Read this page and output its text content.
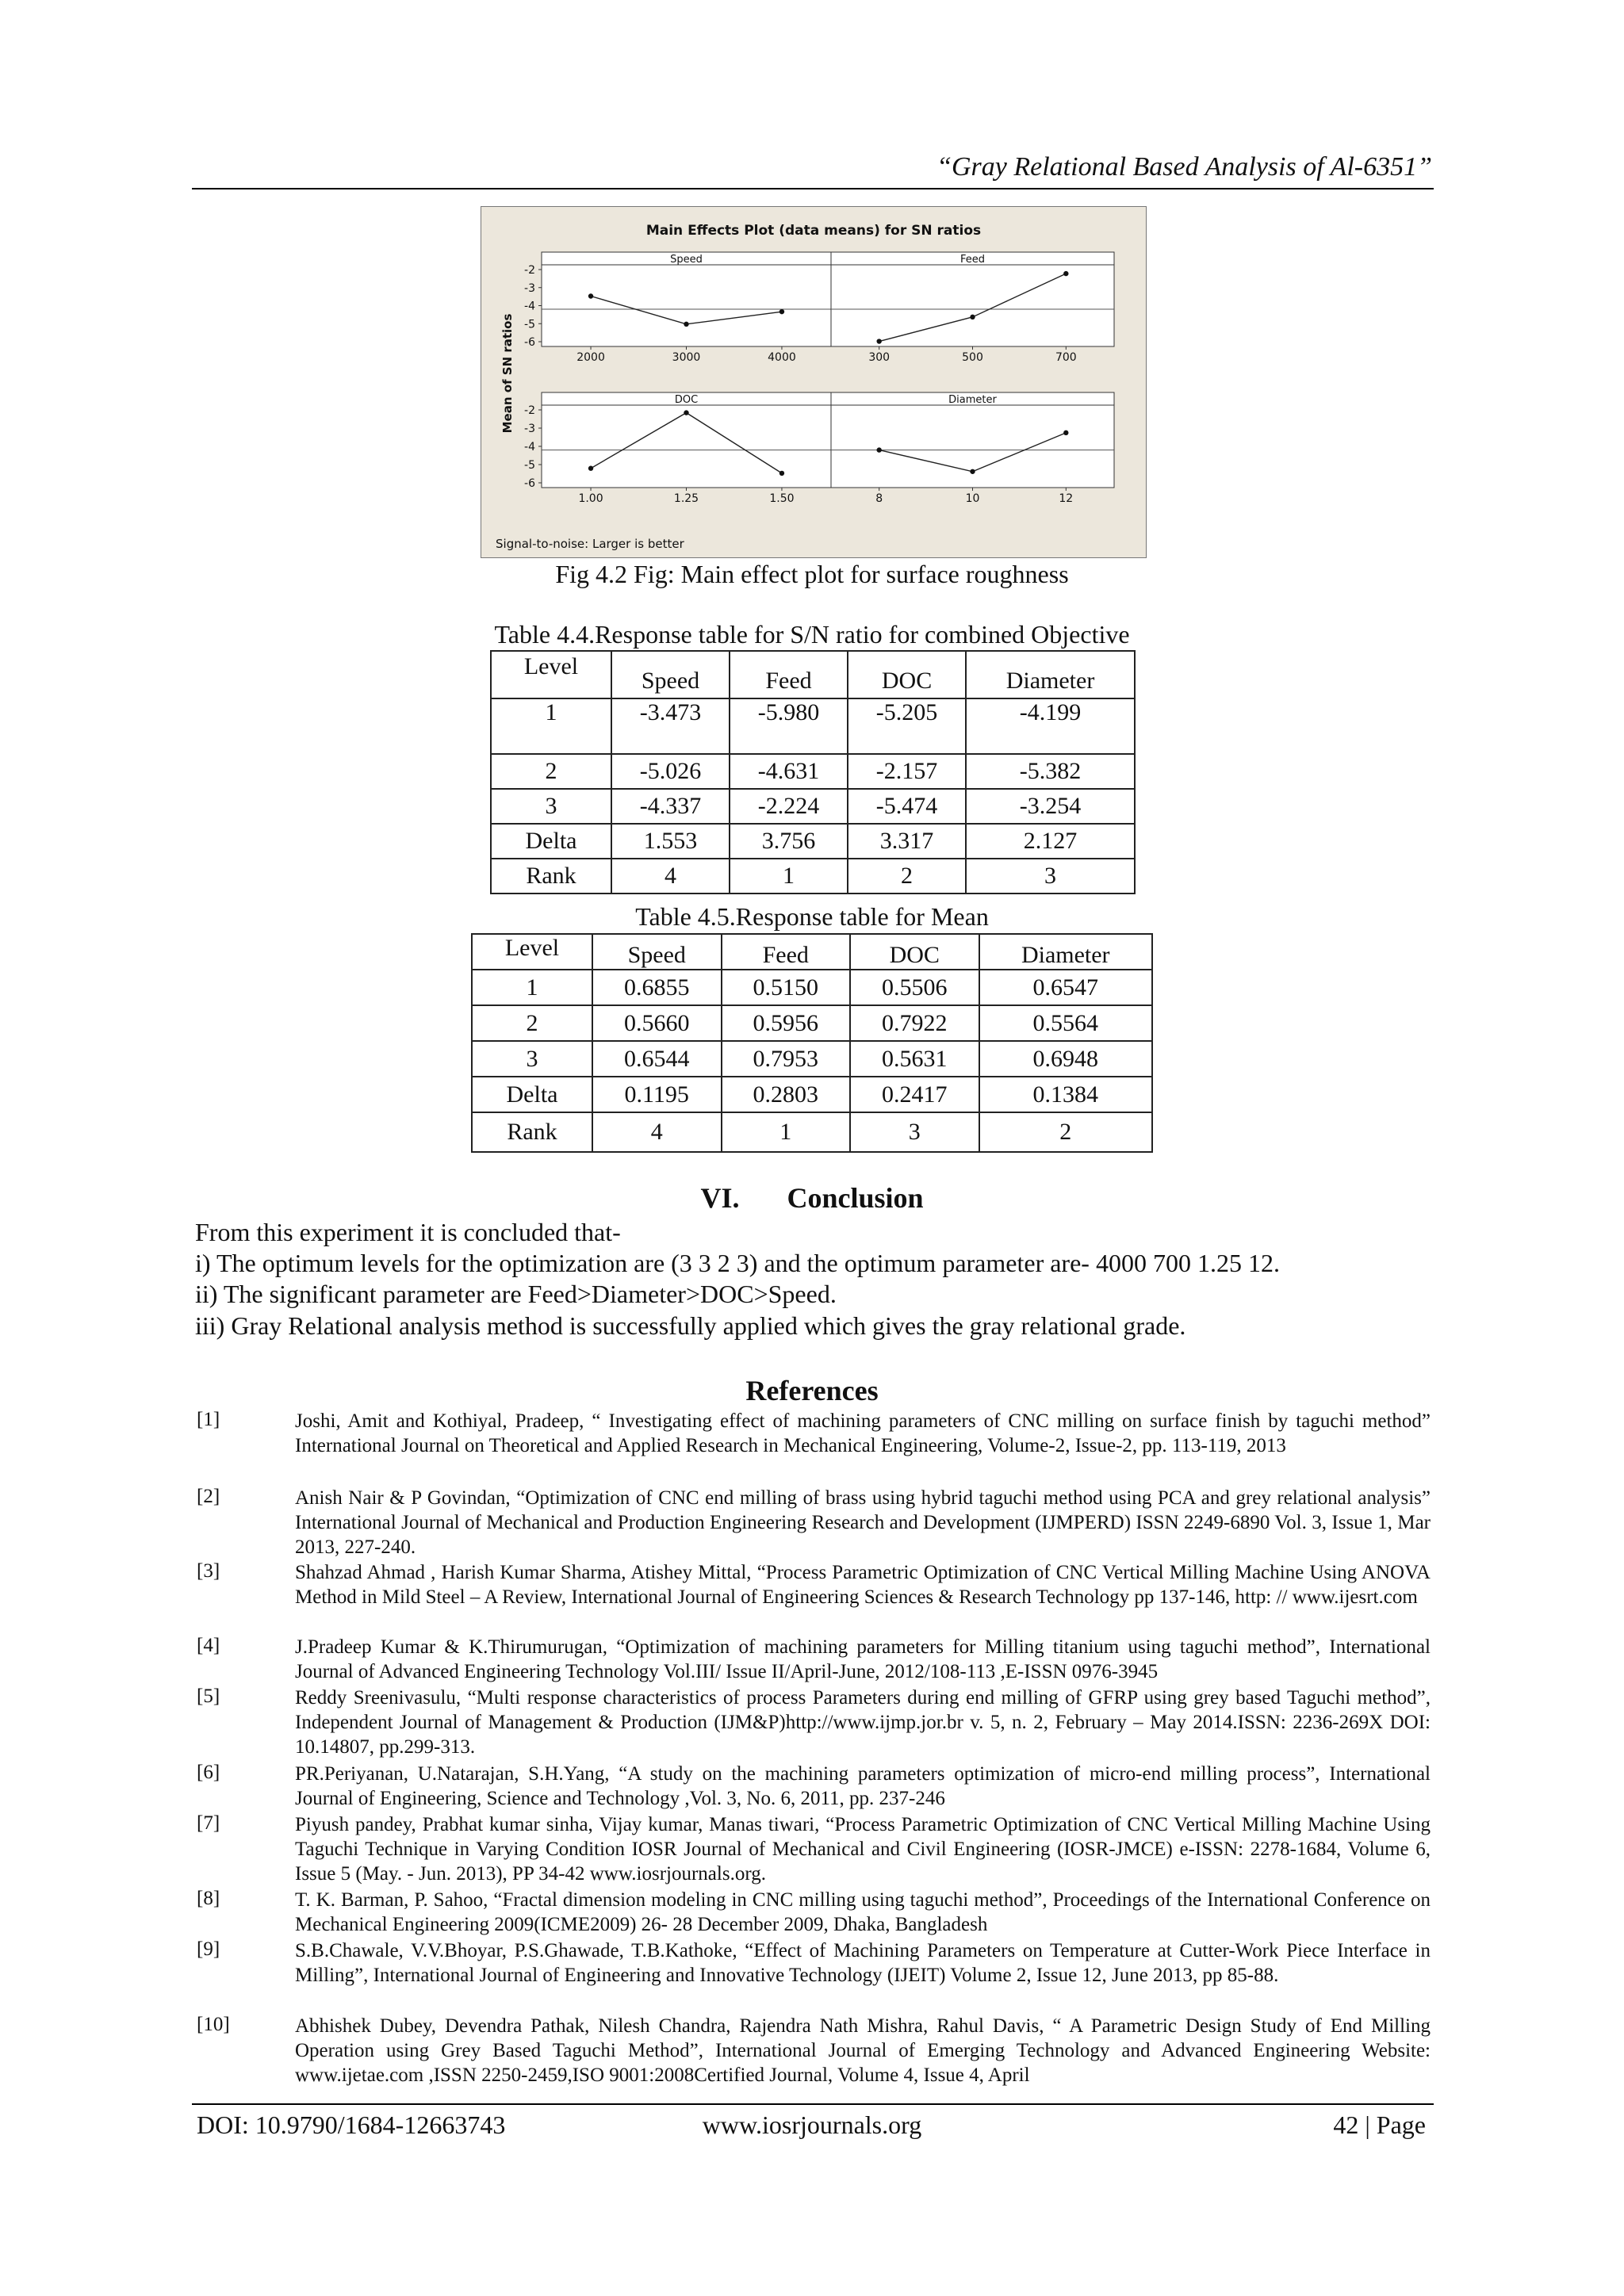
“Gray Relational Based Analysis of Al-6351”
Main Effects Plot (data means) for SN ratios
Mean of SN ratios
Signal-to-noise: Larger is better
Speed
2000	3000	4000
-2
-3
-4
-5
-6
Feed
300	500	700
DOC
1.00	1.25	1.50
-2
-3
-4
-5
-6
Diameter
8	10	12
Fig 4.2 Fig: Main effect plot for surface roughness
Table 4.4.Response table for S/N ratio for combined Objective
Level	Speed	Feed	DOC	Diameter
1	-3.473	-5.980	-5.205	-4.199
2	-5.026	-4.631	-2.157	-5.382
3	-4.337	-2.224	-5.474	-3.254
Delta	1.553	3.756	3.317	2.127
Rank	4	1	2	3
Table 4.5.Response table for Mean
Level	Speed	Feed	DOC	Diameter
1	0.6855	0.5150	0.5506	0.6547
2	0.5660	0.5956	0.7922	0.5564
3	0.6544	0.7953	0.5631	0.6948
Delta	0.1195	0.2803	0.2417	0.1384
Rank	4	1	3	2
VI. Conclusion
From this experiment it is concluded that-
i) The optimum levels for the optimization are (3 3 2 3) and the optimum parameter are- 4000 700 1.25 12.
ii) The significant parameter are Feed>Diameter>DOC>Speed.
iii) Gray Relational analysis method is successfully applied which gives the gray relational grade.
References
[1]	Joshi, Amit and Kothiyal, Pradeep, “ Investigating effect of machining parameters of CNC milling on surface finish by taguchi method” International Journal on Theoretical and Applied Research in Mechanical Engineering, Volume-2, Issue-2, pp. 113-119, 2013
[2]	Anish Nair & P Govindan, “Optimization of CNC end milling of brass using hybrid taguchi method using PCA and grey relational analysis” International Journal of Mechanical and Production Engineering Research and Development (IJMPERD) ISSN 2249-6890 Vol. 3, Issue 1, Mar 2013, 227-240.
[3]	Shahzad Ahmad , Harish Kumar Sharma, Atishey Mittal, “Process Parametric Optimization of CNC Vertical Milling Machine Using ANOVA Method in Mild Steel – A Review, International Journal of Engineering Sciences & Research Technology pp 137-146, http: // www.ijesrt.com
[4]	J.Pradeep Kumar & K.Thirumurugan, “Optimization of machining parameters for Milling titanium using taguchi method”, International Journal of Advanced Engineering Technology Vol.III/ Issue II/April-June, 2012/108-113 ,E-ISSN 0976-3945
[5]	Reddy Sreenivasulu, “Multi response characteristics of process Parameters during end milling of GFRP using grey based Taguchi method”, Independent Journal of Management & Production (IJM&P)http://www.ijmp.jor.br v. 5, n. 2, February – May 2014.ISSN: 2236-269X DOI: 10.14807, pp.299-313.
[6]	PR.Periyanan, U.Natarajan, S.H.Yang, “A study on the machining parameters optimization of micro-end milling process”, International Journal of Engineering, Science and Technology ,Vol. 3, No. 6, 2011, pp. 237-246
[7]	Piyush pandey, Prabhat kumar sinha, Vijay kumar, Manas tiwari, “Process Parametric Optimization of CNC Vertical Milling Machine Using Taguchi Technique in Varying Condition IOSR Journal of Mechanical and Civil Engineering (IOSR-JMCE) e-ISSN: 2278-1684, Volume 6, Issue 5 (May. - Jun. 2013), PP 34-42 www.iosrjournals.org.
[8]	T. K. Barman, P. Sahoo, “Fractal dimension modeling in CNC milling using taguchi method”, Proceedings of the International Conference on Mechanical Engineering 2009(ICME2009) 26- 28 December 2009, Dhaka, Bangladesh
[9]	S.B.Chawale, V.V.Bhoyar, P.S.Ghawade, T.B.Kathoke, “Effect of Machining Parameters on Temperature at Cutter-Work Piece Interface in Milling”, International Journal of Engineering and Innovative Technology (IJEIT) Volume 2, Issue 12, June 2013, pp 85-88.
[10]	Abhishek Dubey, Devendra Pathak, Nilesh Chandra, Rajendra Nath Mishra, Rahul Davis, “ A Parametric Design Study of End Milling Operation using Grey Based Taguchi Method”, International Journal of Emerging Technology and Advanced Engineering Website: www.ijetae.com ,ISSN 2250-2459,ISO 9001:2008Certified Journal, Volume 4, Issue 4, April
DOI: 10.9790/1684-12663743	www.iosrjournals.org	42 | Page
